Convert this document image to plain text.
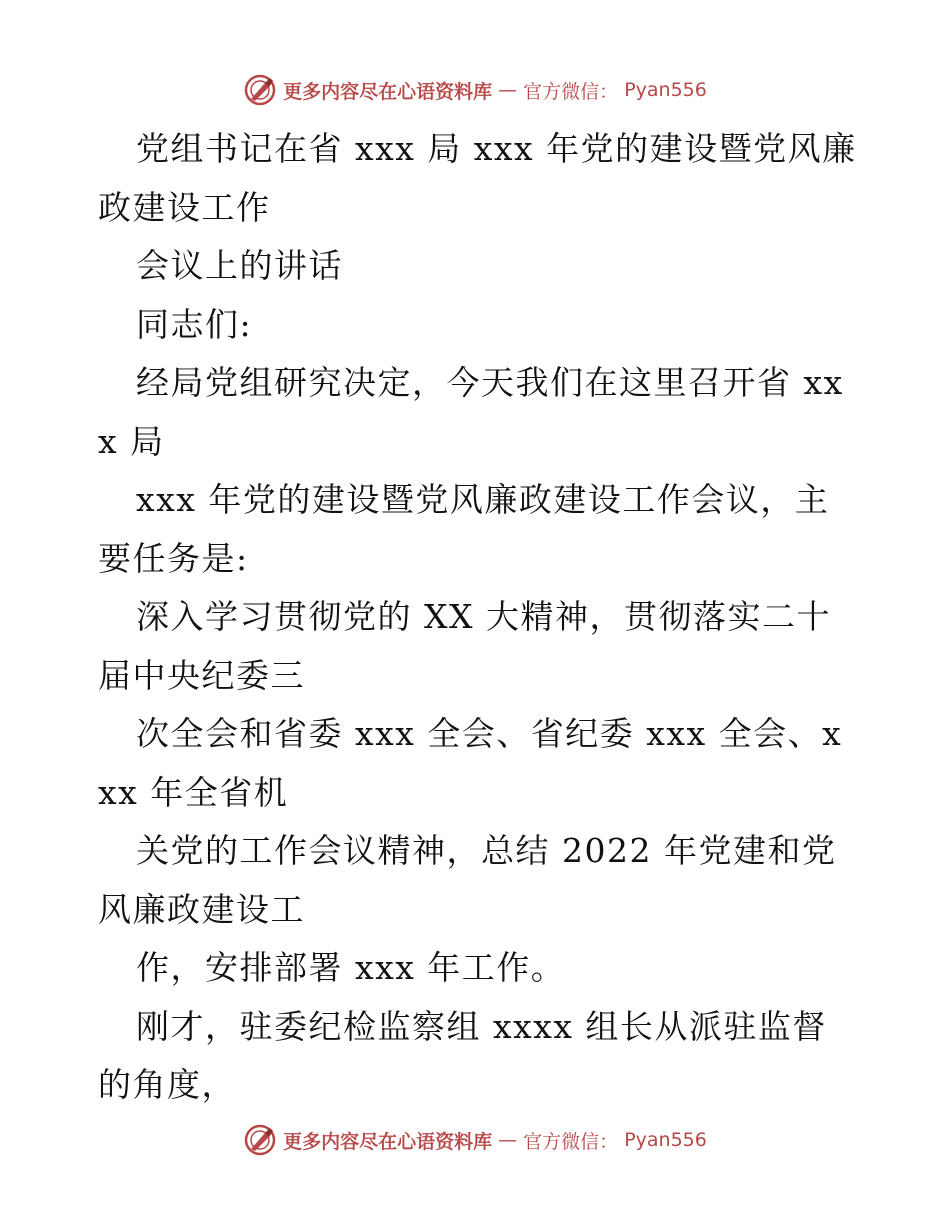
更多内容尽在心语资料库 — 官方微信： Pyan556

党组书记在省 xxx 局 xxx 年党的建设暨党风廉政建设工作

会议上的讲话

同志们:

经局党组研究决定，今天我们在这里召开省 xxx 局

xxx 年党的建设暨党风廉政建设工作会议，主要任务是:

深入学习贯彻党的 XX 大精神，贯彻落实二十届中央纪委三

次全会和省委 xxx 全会、省纪委 xxx 全会、xxx 年全省机

关党的工作会议精神，总结 2022 年党建和党风廉政建设工

作，安排部署 xxx 年工作。

刚才，驻委纪检监察组 xxxx 组长从派驻监督的角度，

更多内容尽在心语资料库 — 官方微信： Pyan556
